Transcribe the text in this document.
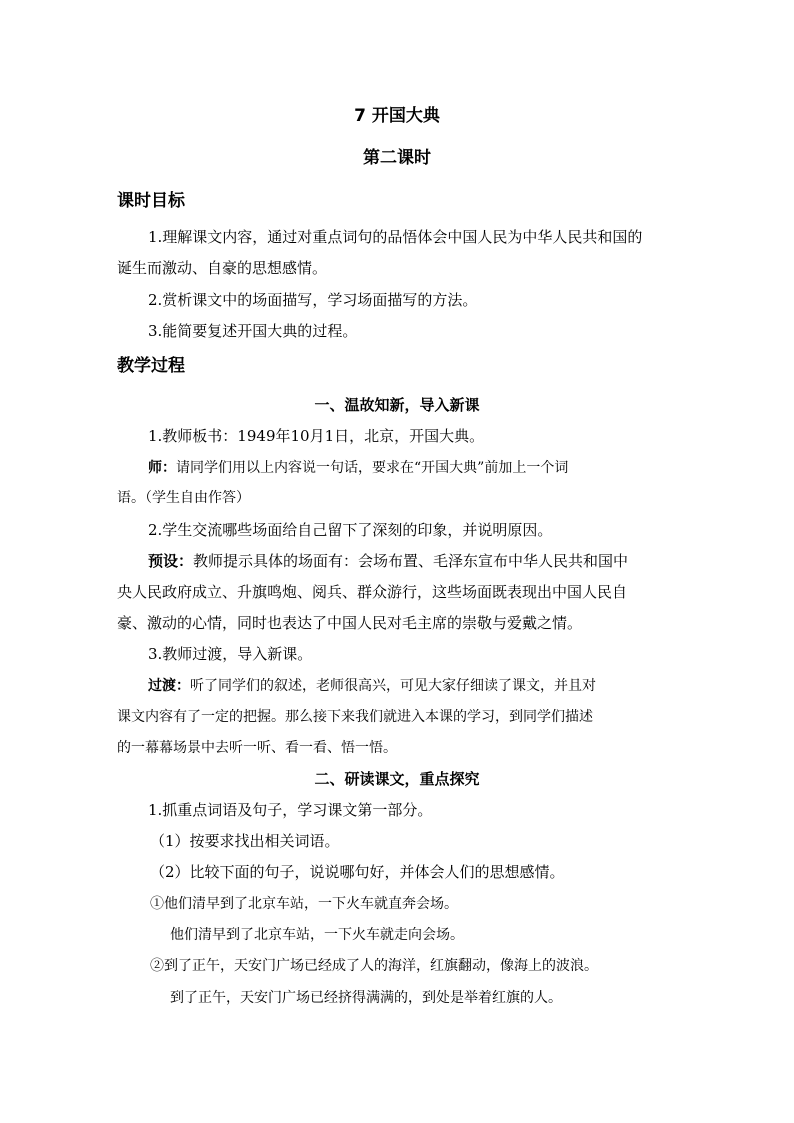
7 开国大典
第二课时
课时目标
1.理解课文内容，通过对重点词句的品悟体会中国人民为中华人民共和国的
诞生而激动、自豪的思想感情。
2.赏析课文中的场面描写，学习场面描写的方法。
3.能简要复述开国大典的过程。
教学过程
一、温故知新，导入新课
1.教师板书：1949年10月1日，北京，开国大典。
师：请同学们用以上内容说一句话，要求在“开国大典”前加上一个词
语。（学生自由作答）
2.学生交流哪些场面给自己留下了深刻的印象，并说明原因。
预设：教师提示具体的场面有：会场布置、毛泽东宣布中华人民共和国中
央人民政府成立、升旗鸣炮、阅兵、群众游行，这些场面既表现出中国人民自
豪、激动的心情，同时也表达了中国人民对毛主席的崇敬与爱戴之情。
3.教师过渡，导入新课。
过渡：听了同学们的叙述，老师很高兴，可见大家仔细读了课文，并且对
课文内容有了一定的把握。那么接下来我们就进入本课的学习，到同学们描述
的一幕幕场景中去听一听、看一看、悟一悟。
二、研读课文，重点探究
1.抓重点词语及句子，学习课文第一部分。
（1）按要求找出相关词语。
（2）比较下面的句子，说说哪句好，并体会人们的思想感情。
①他们清早到了北京车站，一下火车就直奔会场。
他们清早到了北京车站，一下火车就走向会场。
②到了正午，天安门广场已经成了人的海洋，红旗翻动，像海上的波浪。
到了正午，天安门广场已经挤得满满的，到处是举着红旗的人。
